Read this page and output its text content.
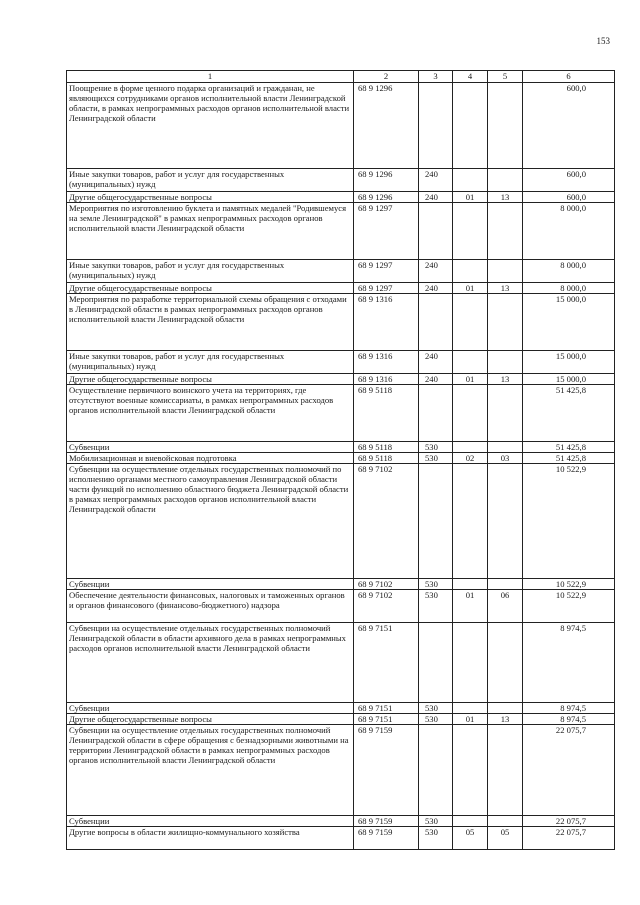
153
1	2	3	4	5	6
Поощрение в форме ценного подарка организаций и гражданан, не являющихся сотрудниками органов исполнительной власти Ленинградской области, в рамках непрограммных расходов органов исполнительной власти Ленинградской области	68 9 1296				600,0
Иные закупки товаров, работ и услуг для государственных (муниципальных) нужд	68 9 1296	240			600,0
Другие общегосударственные вопросы	68 9 1296	240	01	13	600,0
Мероприятия по изготовлению буклета и памятных медалей "Родившемуся на земле Ленинградской" в рамках непрограммных расходов органов исполнительной власти Ленинградской области	68 9 1297				8 000,0
Иные закупки товаров, работ и услуг для государственных (муниципальных) нужд	68 9 1297	240			8 000,0
Другие общегосударственные вопросы	68 9 1297	240	01	13	8 000,0
Мероприятия по разработке территориальной схемы обращения с отходами в Ленинградской области в рамках непрограммных расходов органов исполнительной власти Ленинградской области	68 9 1316				15 000,0
Иные закупки товаров, работ и услуг для государственных (муниципальных) нужд	68 9 1316	240			15 000,0
Другие общегосударственные вопросы	68 9 1316	240	01	13	15 000,0
Осуществление первичного воинского учета на территориях, где отсутствуют военные комиссариаты, в рамках непрограммных расходов органов исполнительной власти Ленинградской области	68 9 5118				51 425,8
Субвенции	68 9 5118	530			51 425,8
Мобилизационная и вневойсковая подготовка	68 9 5118	530	02	03	51 425,8
Субвенции на осуществление отдельных государственных полномочий по исполнению органами местного самоуправления Ленинградской области части функций по исполнению областного бюджета Ленинградской области в рамках непрограммных расходов органов исполнительной власти Ленинградской области	68 9 7102				10 522,9
Субвенции	68 9 7102	530			10 522,9
Обеспечение деятельности финансовых, налоговых и таможенных органов и органов финансового (финансово-бюджетного) надзора	68 9 7102	530	01	06	10 522,9
Субвенции на осуществление отдельных государственных полномочий Ленинградской области в области архивного дела в рамках непрограммных расходов органов исполнительной власти Ленинградской области	68 9 7151				8 974,5
Субвенции	68 9 7151	530			8 974,5
Другие общегосударственные вопросы	68 9 7151	530	01	13	8 974,5
Субвенции на осуществление отдельных государственных полномочий Ленинградской области в сфере обращения с безнадзорными животными на территории Ленинградской области в рамках непрограммных расходов органов исполнительной власти Ленинградской области	68 9 7159				22 075,7
Субвенции	68 9 7159	530			22 075,7
Другие вопросы в области жилищно-коммунального хозяйства	68 9 7159	530	05	05	22 075,7
